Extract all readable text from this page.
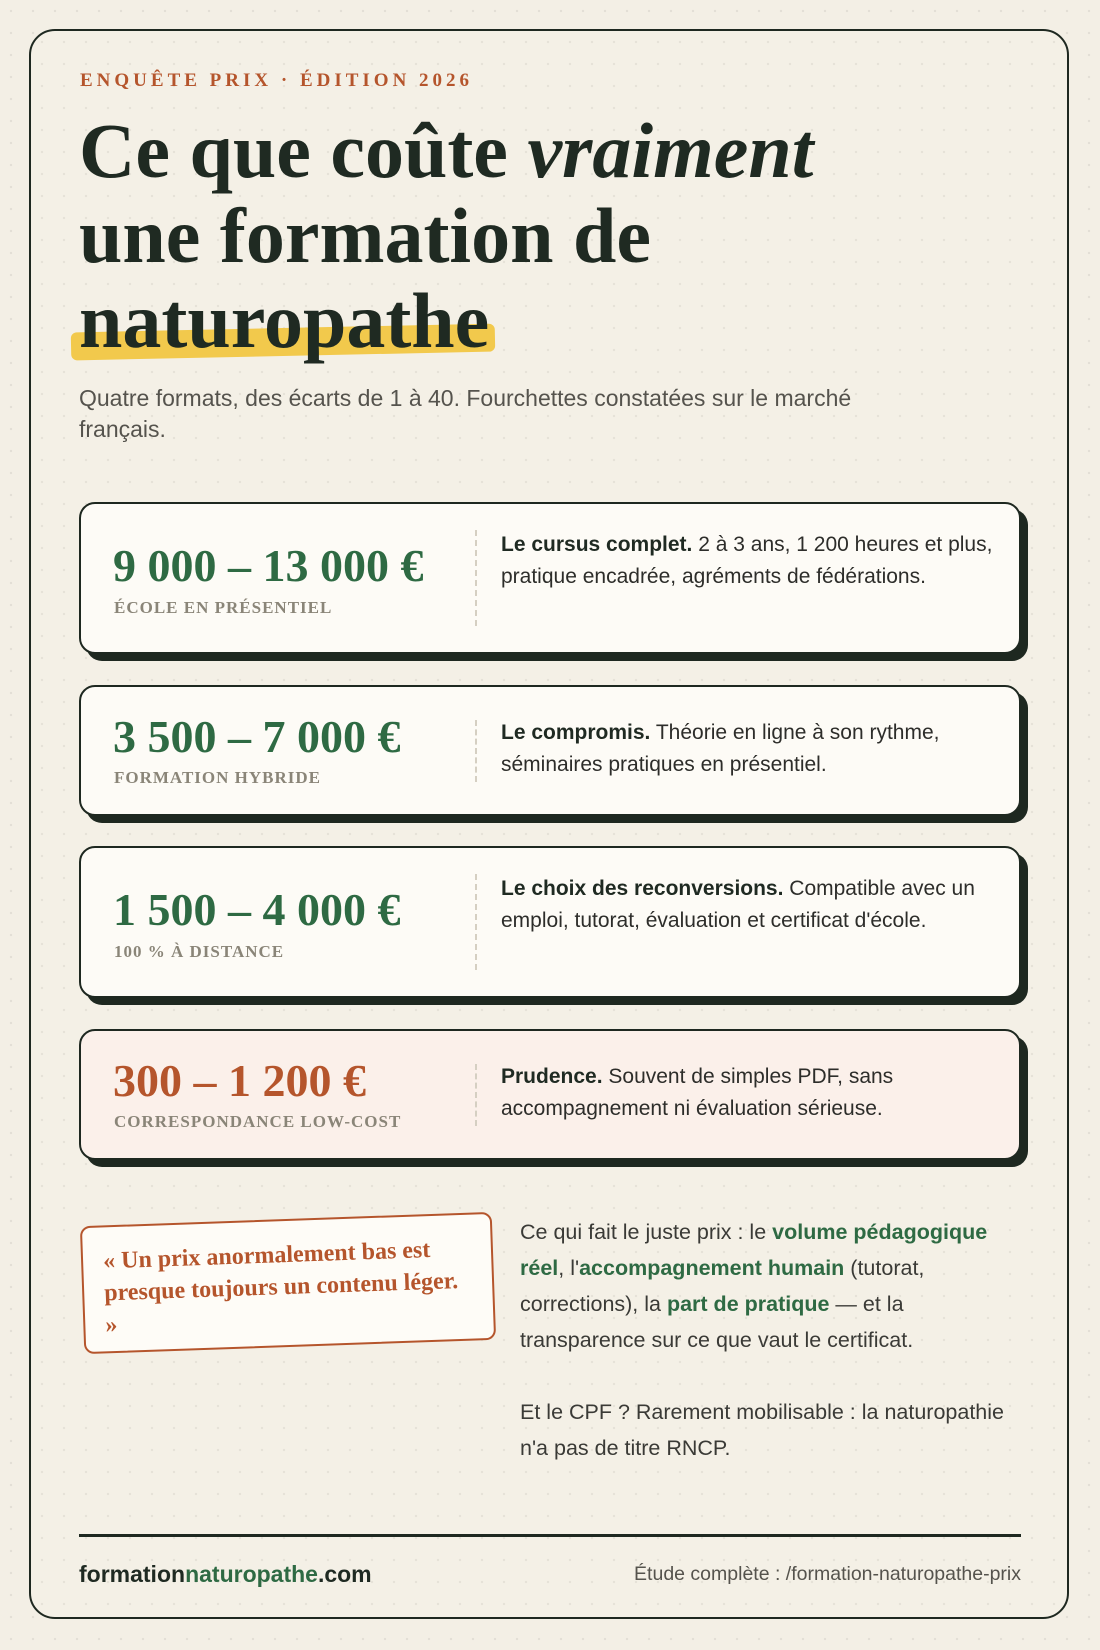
ENQUÊTE PRIX · ÉDITION 2026
Ce que coûte vraiment
une formation de
naturopathe
Quatre formats, des écarts de 1 à 40. Fourchettes constatées sur le marché français.
9 000 – 13 000 €
ÉCOLE EN PRÉSENTIEL
Le cursus complet. 2 à 3 ans, 1 200 heures et plus, pratique encadrée, agréments de fédérations.
3 500 – 7 000 €
FORMATION HYBRIDE
Le compromis. Théorie en ligne à son rythme, séminaires pratiques en présentiel.
1 500 – 4 000 €
100 % À DISTANCE
Le choix des reconversions. Compatible avec un emploi, tutorat, évaluation et certificat d'école.
300 – 1 200 €
CORRESPONDANCE LOW-COST
Prudence. Souvent de simples PDF, sans accompagnement ni évaluation sérieuse.
« Un prix anormalement bas est presque toujours un contenu léger. »

Ce qui fait le juste prix : le volume pédagogique réel, l'accompagnement humain (tutorat, corrections), la part de pratique — et la transparence sur ce que vaut le certificat.

Et le CPF ? Rarement mobilisable : la naturopathie n'a pas de titre RNCP.

formationnaturopathe.com	Étude complète : /formation-naturopathe-prix
